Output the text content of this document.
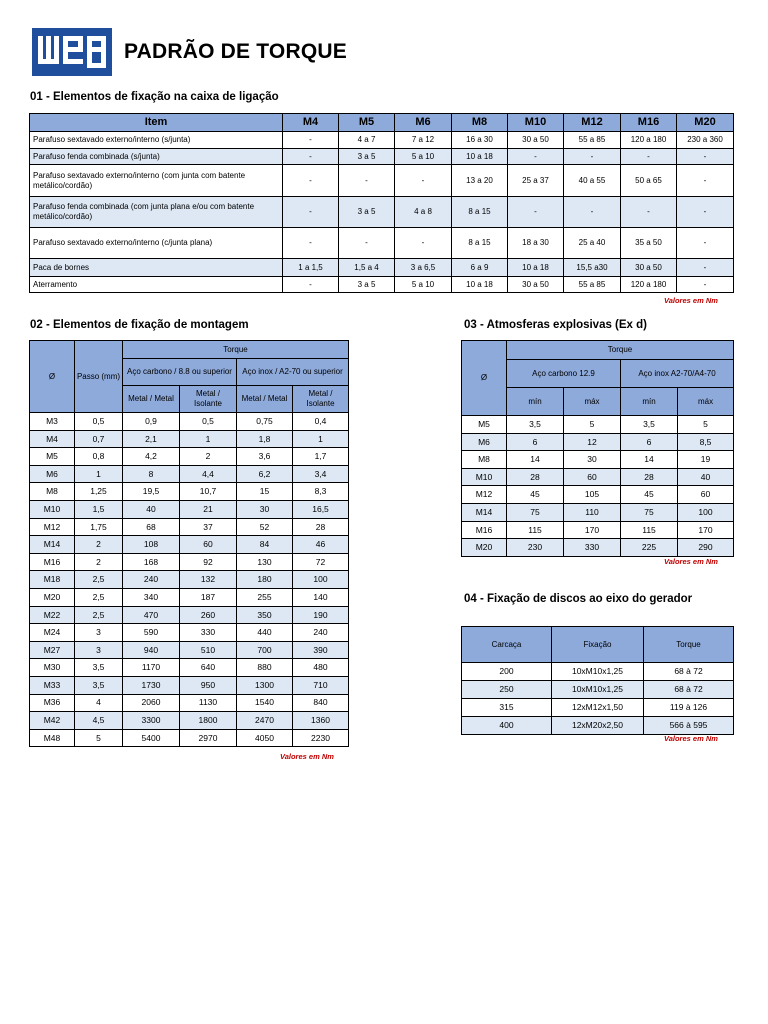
PADRÃO DE TORQUE
01 - Elementos de fixação na caixa de ligação
Item	M4	M5	M6	M8	M10	M12	M16	M20
Parafuso sextavado externo/interno (s/junta)	-	4 a 7	7 a 12	16 a 30	30 a 50	55 a 85	120 a 180	230 a 360
Parafuso fenda combinada (s/junta)	-	3 a 5	5 a 10	10 a 18	-	-	-	-
Parafuso sextavado externo/interno (com junta com batente metálico/cordão)	-	-	-	13 a 20	25 a 37	40 a 55	50 a 65	-
Parafuso fenda combinada (com junta plana e/ou com batente metálico/cordão)	-	3 a 5	4 a 8	8 a 15	-	-	-	-
Parafuso sextavado externo/interno (c/junta plana)	-	-	-	8 a 15	18 a 30	25 a 40	35 a 50	-
Paca de bornes	1 a 1,5	1,5 a 4	3 a 6,5	6 a 9	10 a 18	15,5 a30	30 a 50	-
Aterramento	-	3 a 5	5 a 10	10 a 18	30 a 50	55 a 85	120 a 180	-
Valores em Nm
02 - Elementos de fixação de montagem
Ø	Passo (mm)	Torque			
		Aço carbono / 8.8 ou superior		Aço inox / A2-70 ou superior	
		Metal / Metal	Metal / Isolante	Metal / Metal	Metal / Isolante
M3	0,5	0,9	0,5	0,75	0,4
M4	0,7	2,1	1	1,8	1
M5	0,8	4,2	2	3,6	1,7
M6	1	8	4,4	6,2	3,4
M8	1,25	19,5	10,7	15	8,3
M10	1,5	40	21	30	16,5
M12	1,75	68	37	52	28
M14	2	108	60	84	46
M16	2	168	92	130	72
M18	2,5	240	132	180	100
M20	2,5	340	187	255	140
M22	2,5	470	260	350	190
M24	3	590	330	440	240
M27	3	940	510	700	390
M30	3,5	1170	640	880	480
M33	3,5	1730	950	1300	710
M36	4	2060	1130	1540	840
M42	4,5	3300	1800	2470	1360
M48	5	5400	2970	4050	2230
Valores em Nm
03 - Atmosferas explosivas (Ex d)
Ø	Torque			
	Aço carbono 12.9		Aço inox A2-70/A4-70	
	mín	máx	mín	máx
M5	3,5	5	3,5	5
M6	6	12	6	8,5
M8	14	30	14	19
M10	28	60	28	40
M12	45	105	45	60
M14	75	110	75	100
M16	115	170	115	170
M20	230	330	225	290
Valores em Nm
04 - Fixação de discos ao eixo do gerador
Carcaça	Fixação	Torque
200	10xM10x1,25	68 à 72
250	10xM10x1,25	68 à 72
315	12xM12x1,50	119 à 126
400	12xM20x2,50	566 à 595
Valores em Nm
